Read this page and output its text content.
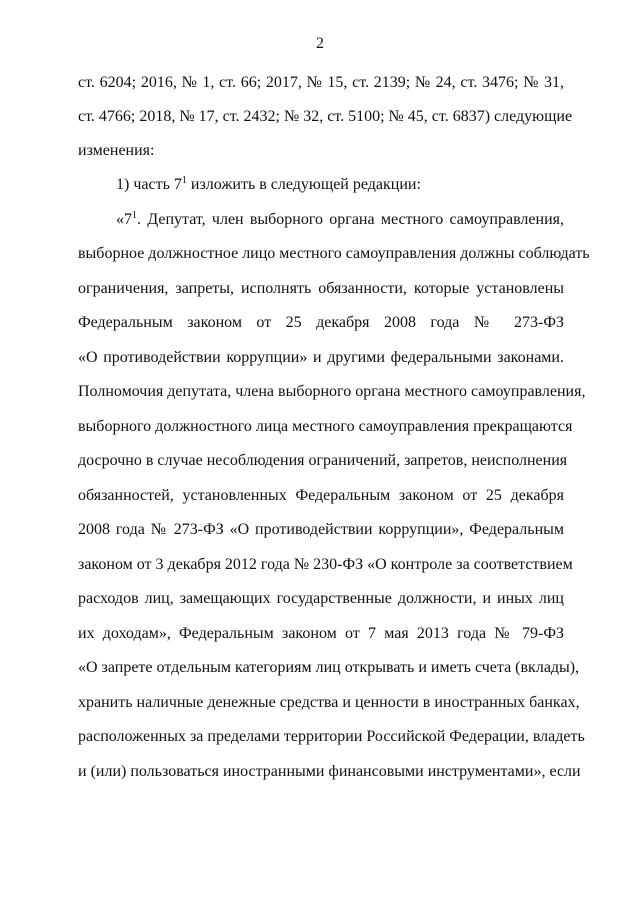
2
ст. 6204; 2016, № 1, ст. 66; 2017, № 15, ст. 2139; № 24, ст. 3476; № 31,
ст. 4766; 2018, № 17, ст. 2432; № 32, ст. 5100; № 45, ст. 6837) следующие
изменения:
1) часть $7^1$ изложить в следующей редакции:
«$7^1$. Депутат, член выборного органа местного самоуправления,
выборное должностное лицо местного самоуправления должны соблюдать
ограничения, запреты, исполнять обязанности, которые установлены
Федеральным законом от 25 декабря 2008 года № 273-ФЗ
«О противодействии коррупции» и другими федеральными законами.
Полномочия депутата, члена выборного органа местного самоуправления,
выборного должностного лица местного самоуправления прекращаются
досрочно в случае несоблюдения ограничений, запретов, неисполнения
обязанностей, установленных Федеральным законом от 25 декабря
2008 года № 273-ФЗ «О противодействии коррупции», Федеральным
законом от 3 декабря 2012 года № 230-ФЗ «О контроле за соответствием
расходов лиц, замещающих государственные должности, и иных лиц
их доходам», Федеральным законом от 7 мая 2013 года № 79-ФЗ
«О запрете отдельным категориям лиц открывать и иметь счета (вклады),
хранить наличные денежные средства и ценности в иностранных банках,
расположенных за пределами территории Российской Федерации, владеть
и (или) пользоваться иностранными финансовыми инструментами», если
